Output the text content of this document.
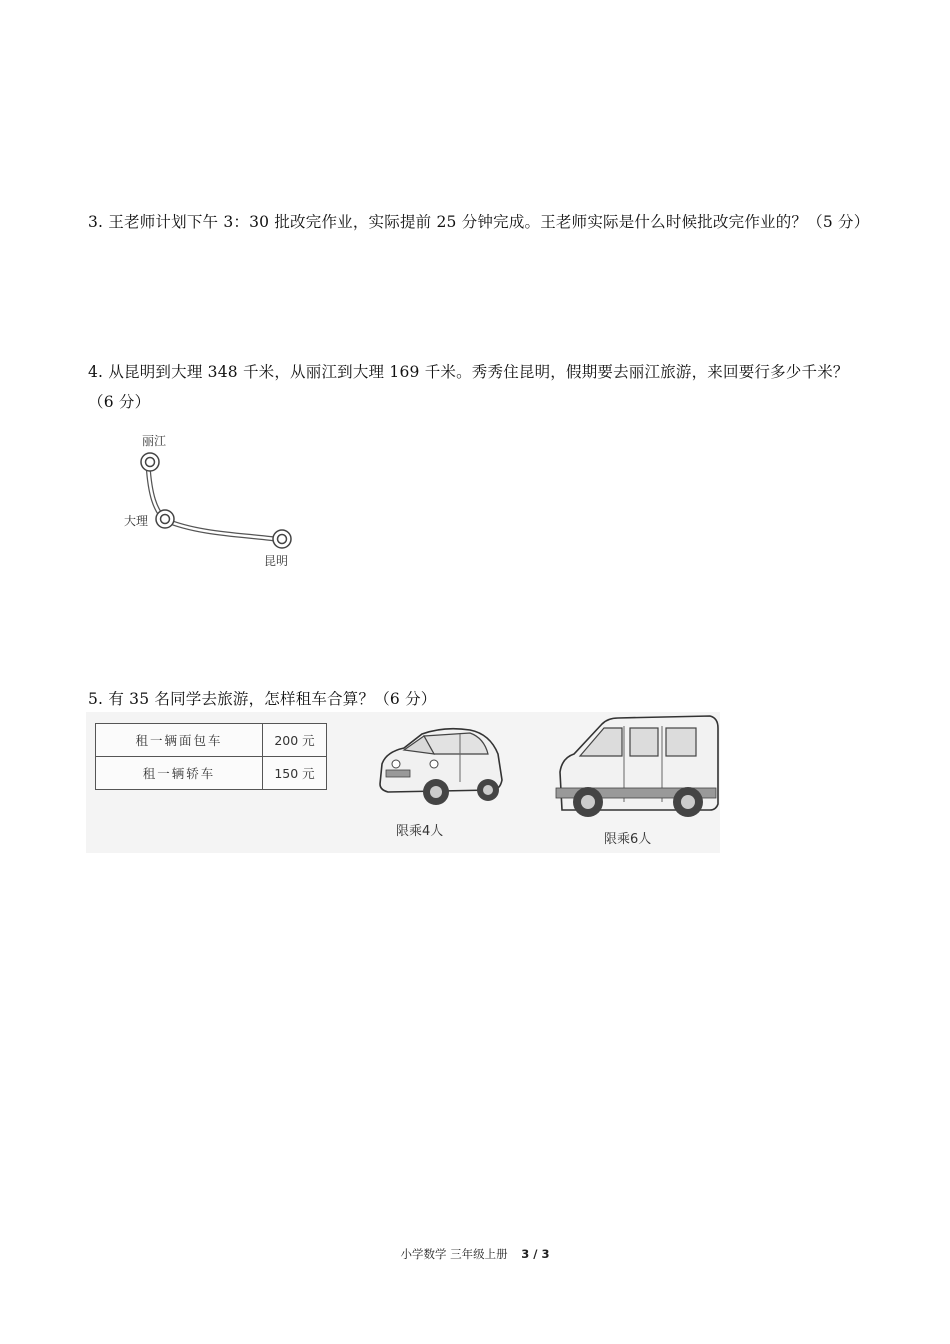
3. 王老师计划下午 3：30 批改完作业，实际提前 25 分钟完成。王老师实际是什么时候批改完作业的？（5 分）

4. 从昆明到大理 348 千米，从丽江到大理 169 千米。秀秀住昆明，假期要去丽江旅游，来回要行多少千米？

（6 分）

丽江
大理
昆明

5. 有 35 名同学去旅游，怎样租车合算？（6 分）

租一辆面包车	200 元
租一辆轿车	150 元
限乘4人
限乘6人
小学数学 三年级上册 3 / 3
